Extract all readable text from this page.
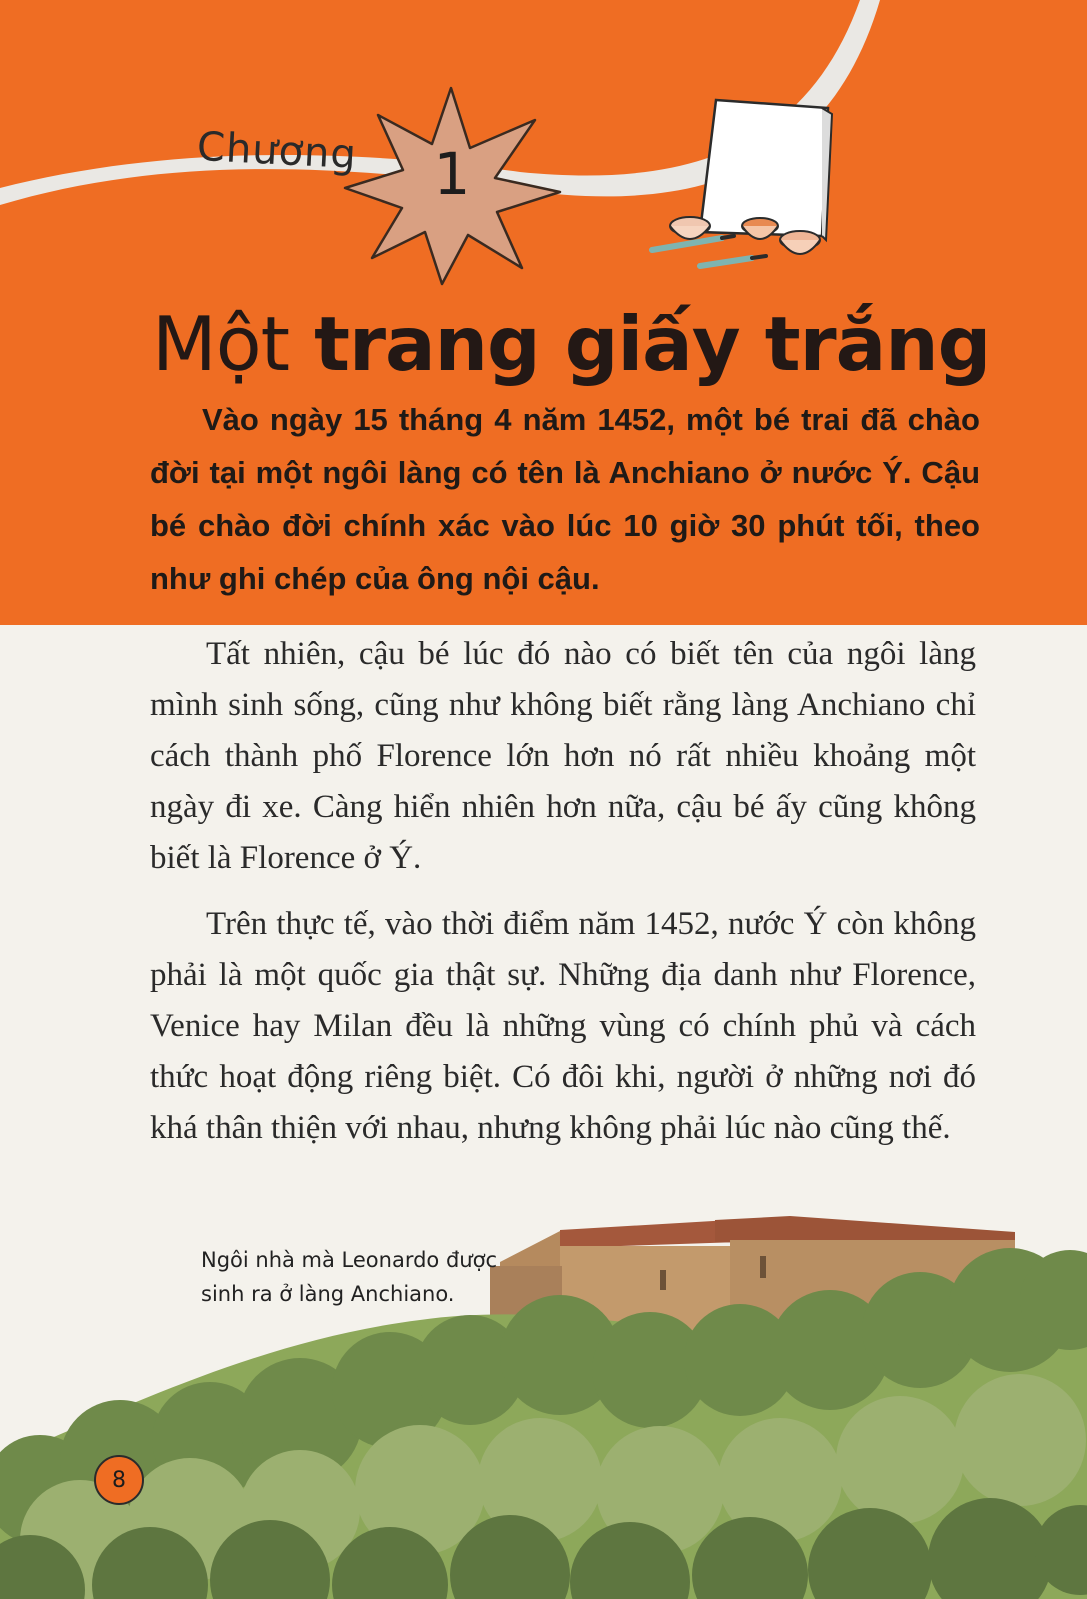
Chương 1
Một trang giấy trắng

Vào ngày 15 tháng 4 năm 1452, một bé trai đã chào đời tại một ngôi làng có tên là Anchiano ở nước Ý. Cậu bé chào đời chính xác vào lúc 10 giờ 30 phút tối, theo như ghi chép của ông nội cậu.

Tất nhiên, cậu bé lúc đó nào có biết tên của ngôi làng mình sinh sống, cũng như không biết rằng làng Anchiano chỉ cách thành phố Florence lớn hơn nó rất nhiều khoảng một ngày đi xe. Càng hiển nhiên hơn nữa, cậu bé ấy cũng không biết là Florence ở Ý.

Trên thực tế, vào thời điểm năm 1452, nước Ý còn không phải là một quốc gia thật sự. Những địa danh như Florence, Venice hay Milan đều là những vùng có chính phủ và cách thức hoạt động riêng biệt. Có đôi khi, người ở những nơi đó khá thân thiện với nhau, nhưng không phải lúc nào cũng thế.

Ngôi nhà mà Leonardo được sinh ra ở làng Anchiano.

8
